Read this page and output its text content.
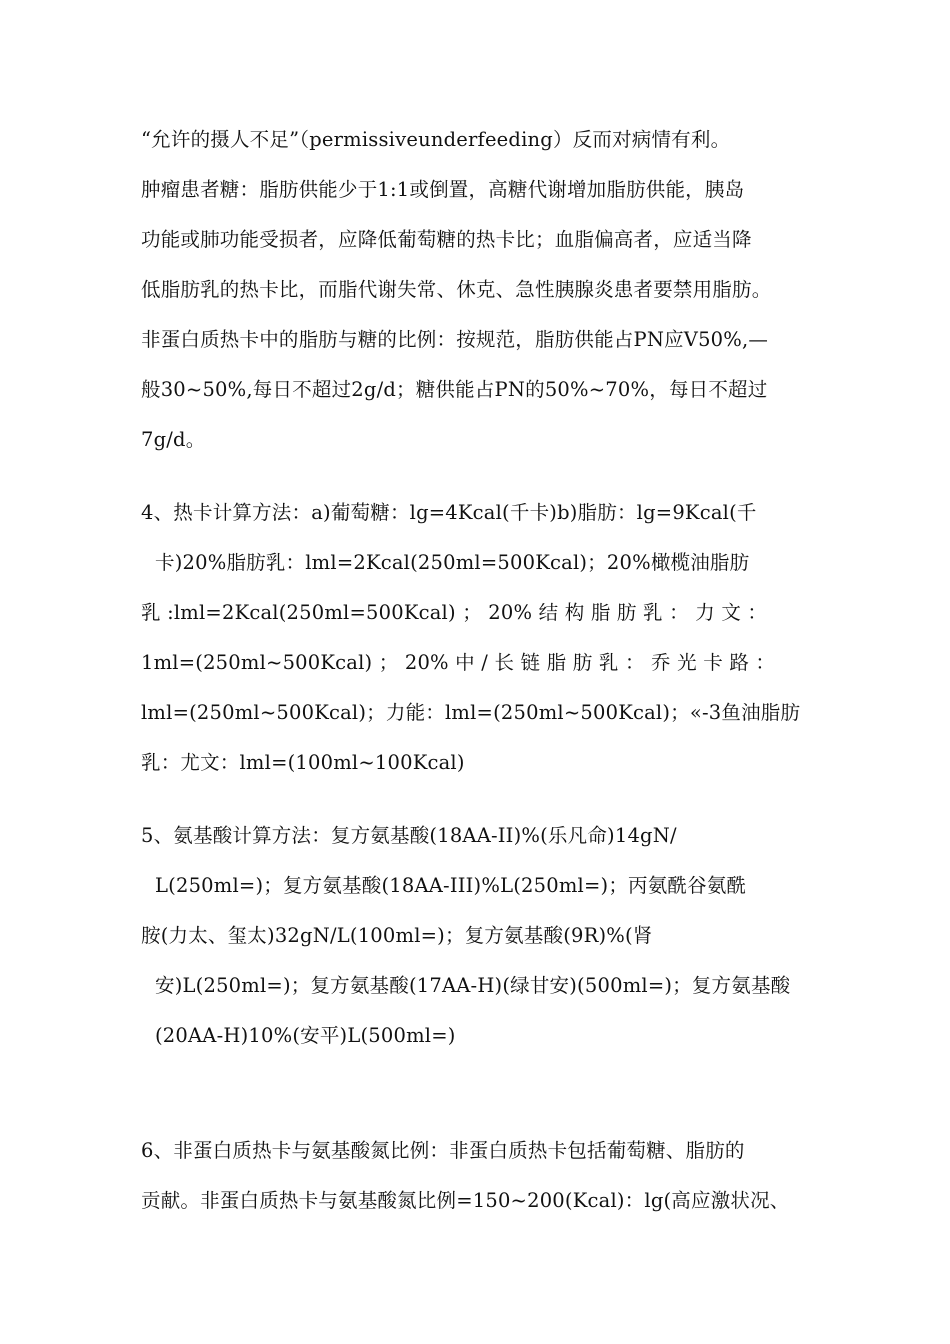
“允许的摄人不足”（permissiveunderfeeding）反而对病情有利。
肿瘤患者糖：脂肪供能少于1:1或倒置，高糖代谢增加脂肪供能，胰岛
功能或肺功能受损者，应降低葡萄糖的热卡比；血脂偏高者，应适当降
低脂肪乳的热卡比，而脂代谢失常、休克、急性胰腺炎患者要禁用脂肪。
非蛋白质热卡中的脂肪与糖的比例：按规范，脂肪供能占PN应V50%,—
般30~50%,每日不超过2g/d；糖供能占PN的50%~70%，每日不超过
7g/d。
4、热卡计算方法：a)葡萄糖：lg=4Kcal(千卡)b)脂肪：lg=9Kcal(千
卡)20%脂肪乳：lml=2Kcal(250ml=500Kcal)；20%橄榄油脂肪
乳 :lml=2Kcal(250ml=500Kcal) ； 20% 结 构 脂 肪 乳 ： 力 文 ：
1ml=(250ml~500Kcal) ； 20% 中 / 长 链 脂 肪 乳 ： 乔 光 卡 路 ：
lml=(250ml~500Kcal)；力能：lml=(250ml~500Kcal)；«-3鱼油脂肪
乳：尤文：lml=(100ml~100Kcal)
5、氨基酸计算方法：复方氨基酸(18AA-II)%(乐凡命)14gN/
L(250ml=)；复方氨基酸(18AA-III)%L(250ml=)；丙氨酰谷氨酰
胺(力太、玺太)32gN/L(100ml=)；复方氨基酸(9R)%(肾
安)L(250ml=)；复方氨基酸(17AA-H)(绿甘安)(500ml=)；复方氨基酸
(20AA-H)10%(安平)L(500ml=)
6、非蛋白质热卡与氨基酸氮比例：非蛋白质热卡包括葡萄糖、脂肪的
贡献。非蛋白质热卡与氨基酸氮比例=150~200(Kcal)：lg(高应激状况、
